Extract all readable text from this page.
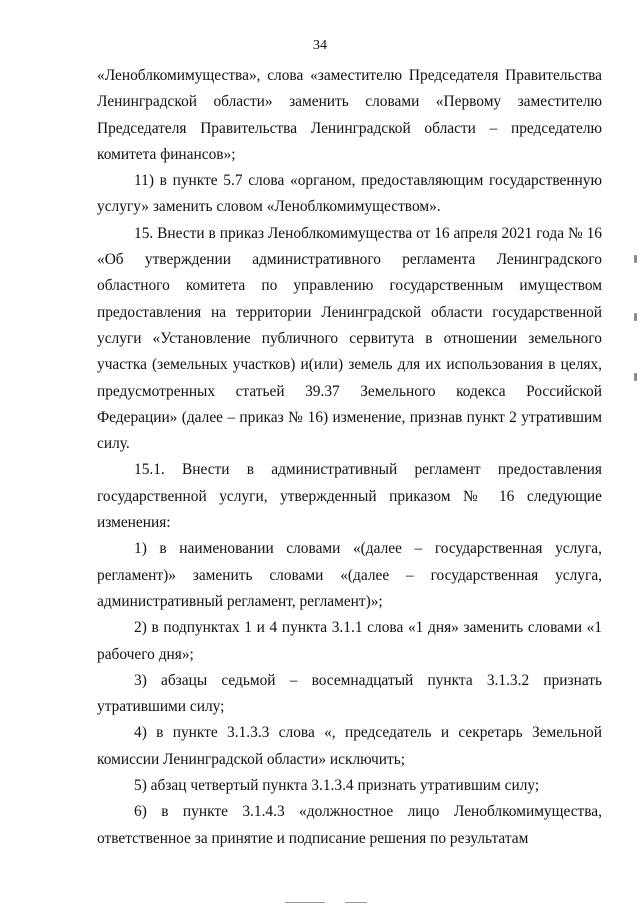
34

«Леноблкомимущества», слова «заместителю Председателя Правительства Ленинградской области» заменить словами «Первому заместителю Председателя Правительства Ленинградской области – председателю комитета финансов»;

11) в пункте 5.7 слова «органом, предоставляющим государственную услугу» заменить словом «Леноблкомимуществом».

15. Внести в приказ Леноблкомимущества от 16 апреля 2021 года № 16 «Об утверждении административного регламента Ленинградского областного комитета по управлению государственным имуществом предоставления на территории Ленинградской области государственной услуги «Установление публичного сервитута в отношении земельного участка (земельных участков) и(или) земель для их использования в целях, предусмотренных статьей 39.37 Земельного кодекса Российской Федерации» (далее – приказ № 16) изменение, признав пункт 2 утратившим силу.

15.1. Внести в административный регламент предоставления государственной услуги, утвержденный приказом № 16 следующие изменения:

1) в наименовании словами «(далее – государственная услуга, регламент)» заменить словами «(далее – государственная услуга, административный регламент, регламент)»;

2) в подпунктах 1 и 4 пункта 3.1.1 слова «1 дня» заменить словами «1 рабочего дня»;

3) абзацы седьмой – восемнадцатый пункта 3.1.3.2 признать утратившими силу;

4) в пункте 3.1.3.3 слова «, председатель и секретарь Земельной комиссии Ленинградской области» исключить;

5) абзац четвертый пункта 3.1.3.4 признать утратившим силу;

6) в пункте 3.1.4.3 «должностное лицо Леноблкомимущества, ответственное за принятие и подписание решения по результатам
